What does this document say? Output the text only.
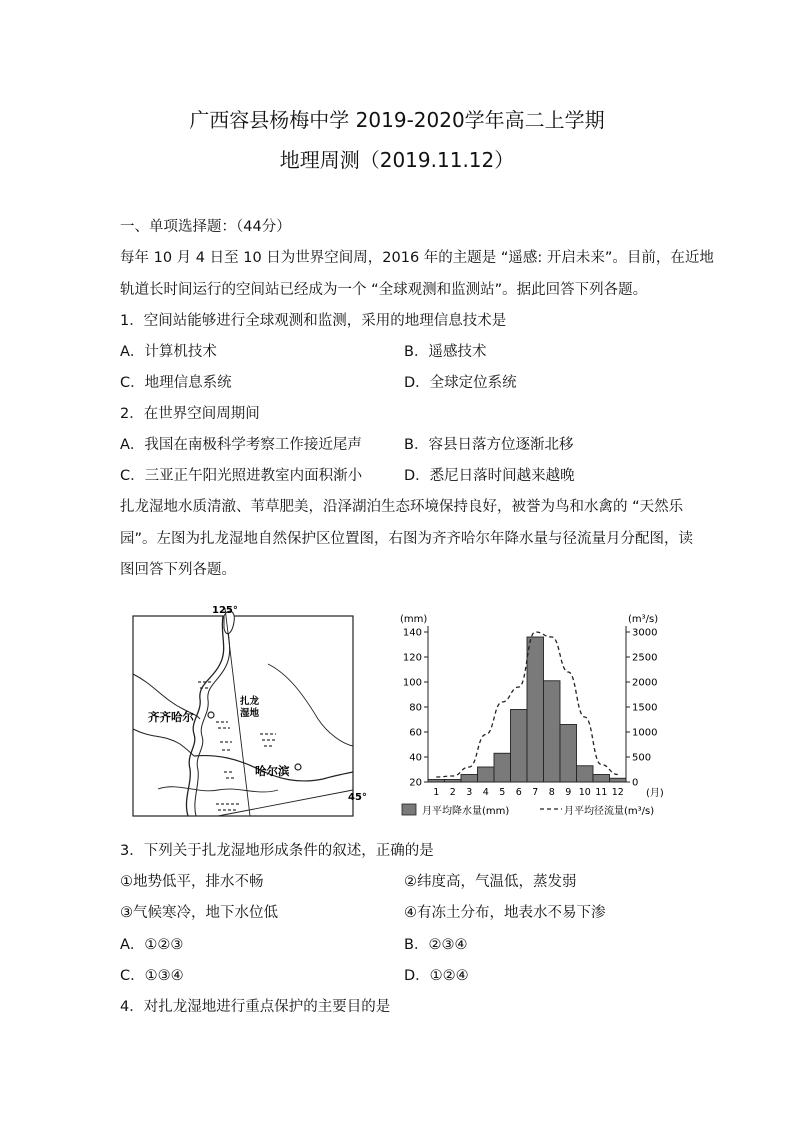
广西容县杨梅中学 2019-2020学年高二上学期
地理周测（2019.11.12）
一、单项选择题：（44分）
每年 10 月 4 日至 10 日为世界空间周，2016 年的主题是 “遥感: 开启未来”。目前，在近地
轨道长时间运行的空间站已经成为一个 “全球观测和监测站”。据此回答下列各题。
1．空间站能够进行全球观测和监测，采用的地理信息技术是
A．计算机技术	B．遥感技术
C．地理信息系统	D．全球定位系统
2．在世界空间周期间
A．我国在南极科学考察工作接近尾声	B．容县日落方位逐渐北移
C．三亚正午阳光照进教室内面积渐小	D．悉尼日落时间越来越晚
扎龙湿地水质清澈、苇草肥美，沿泽湖泊生态环境保持良好，被誉为鸟和水禽的 “天然乐
园”。左图为扎龙湿地自然保护区位置图，右图为齐齐哈尔年降水量与径流量月分配图，读
图回答下列各题。
125°
45°
齐齐哈尔
哈尔滨
扎龙
湿地
(mm)	(m³/s)
140
120
100
80
60
40
20
3000
2500
2000
1500
1000
500
0
1 2 3 4 5 6 7 8 9 10 11 12 (月)
月平均降水量(mm)	月平均径流量(m³/s)
3．下列关于扎龙湿地形成条件的叙述，正确的是
①地势低平，排水不畅	②纬度高，气温低，蒸发弱
③气候寒冷，地下水位低	④有冻土分布，地表水不易下渗
A．①②③	B．②③④
C．①③④	D．①②④
4．对扎龙湿地进行重点保护的主要目的是
